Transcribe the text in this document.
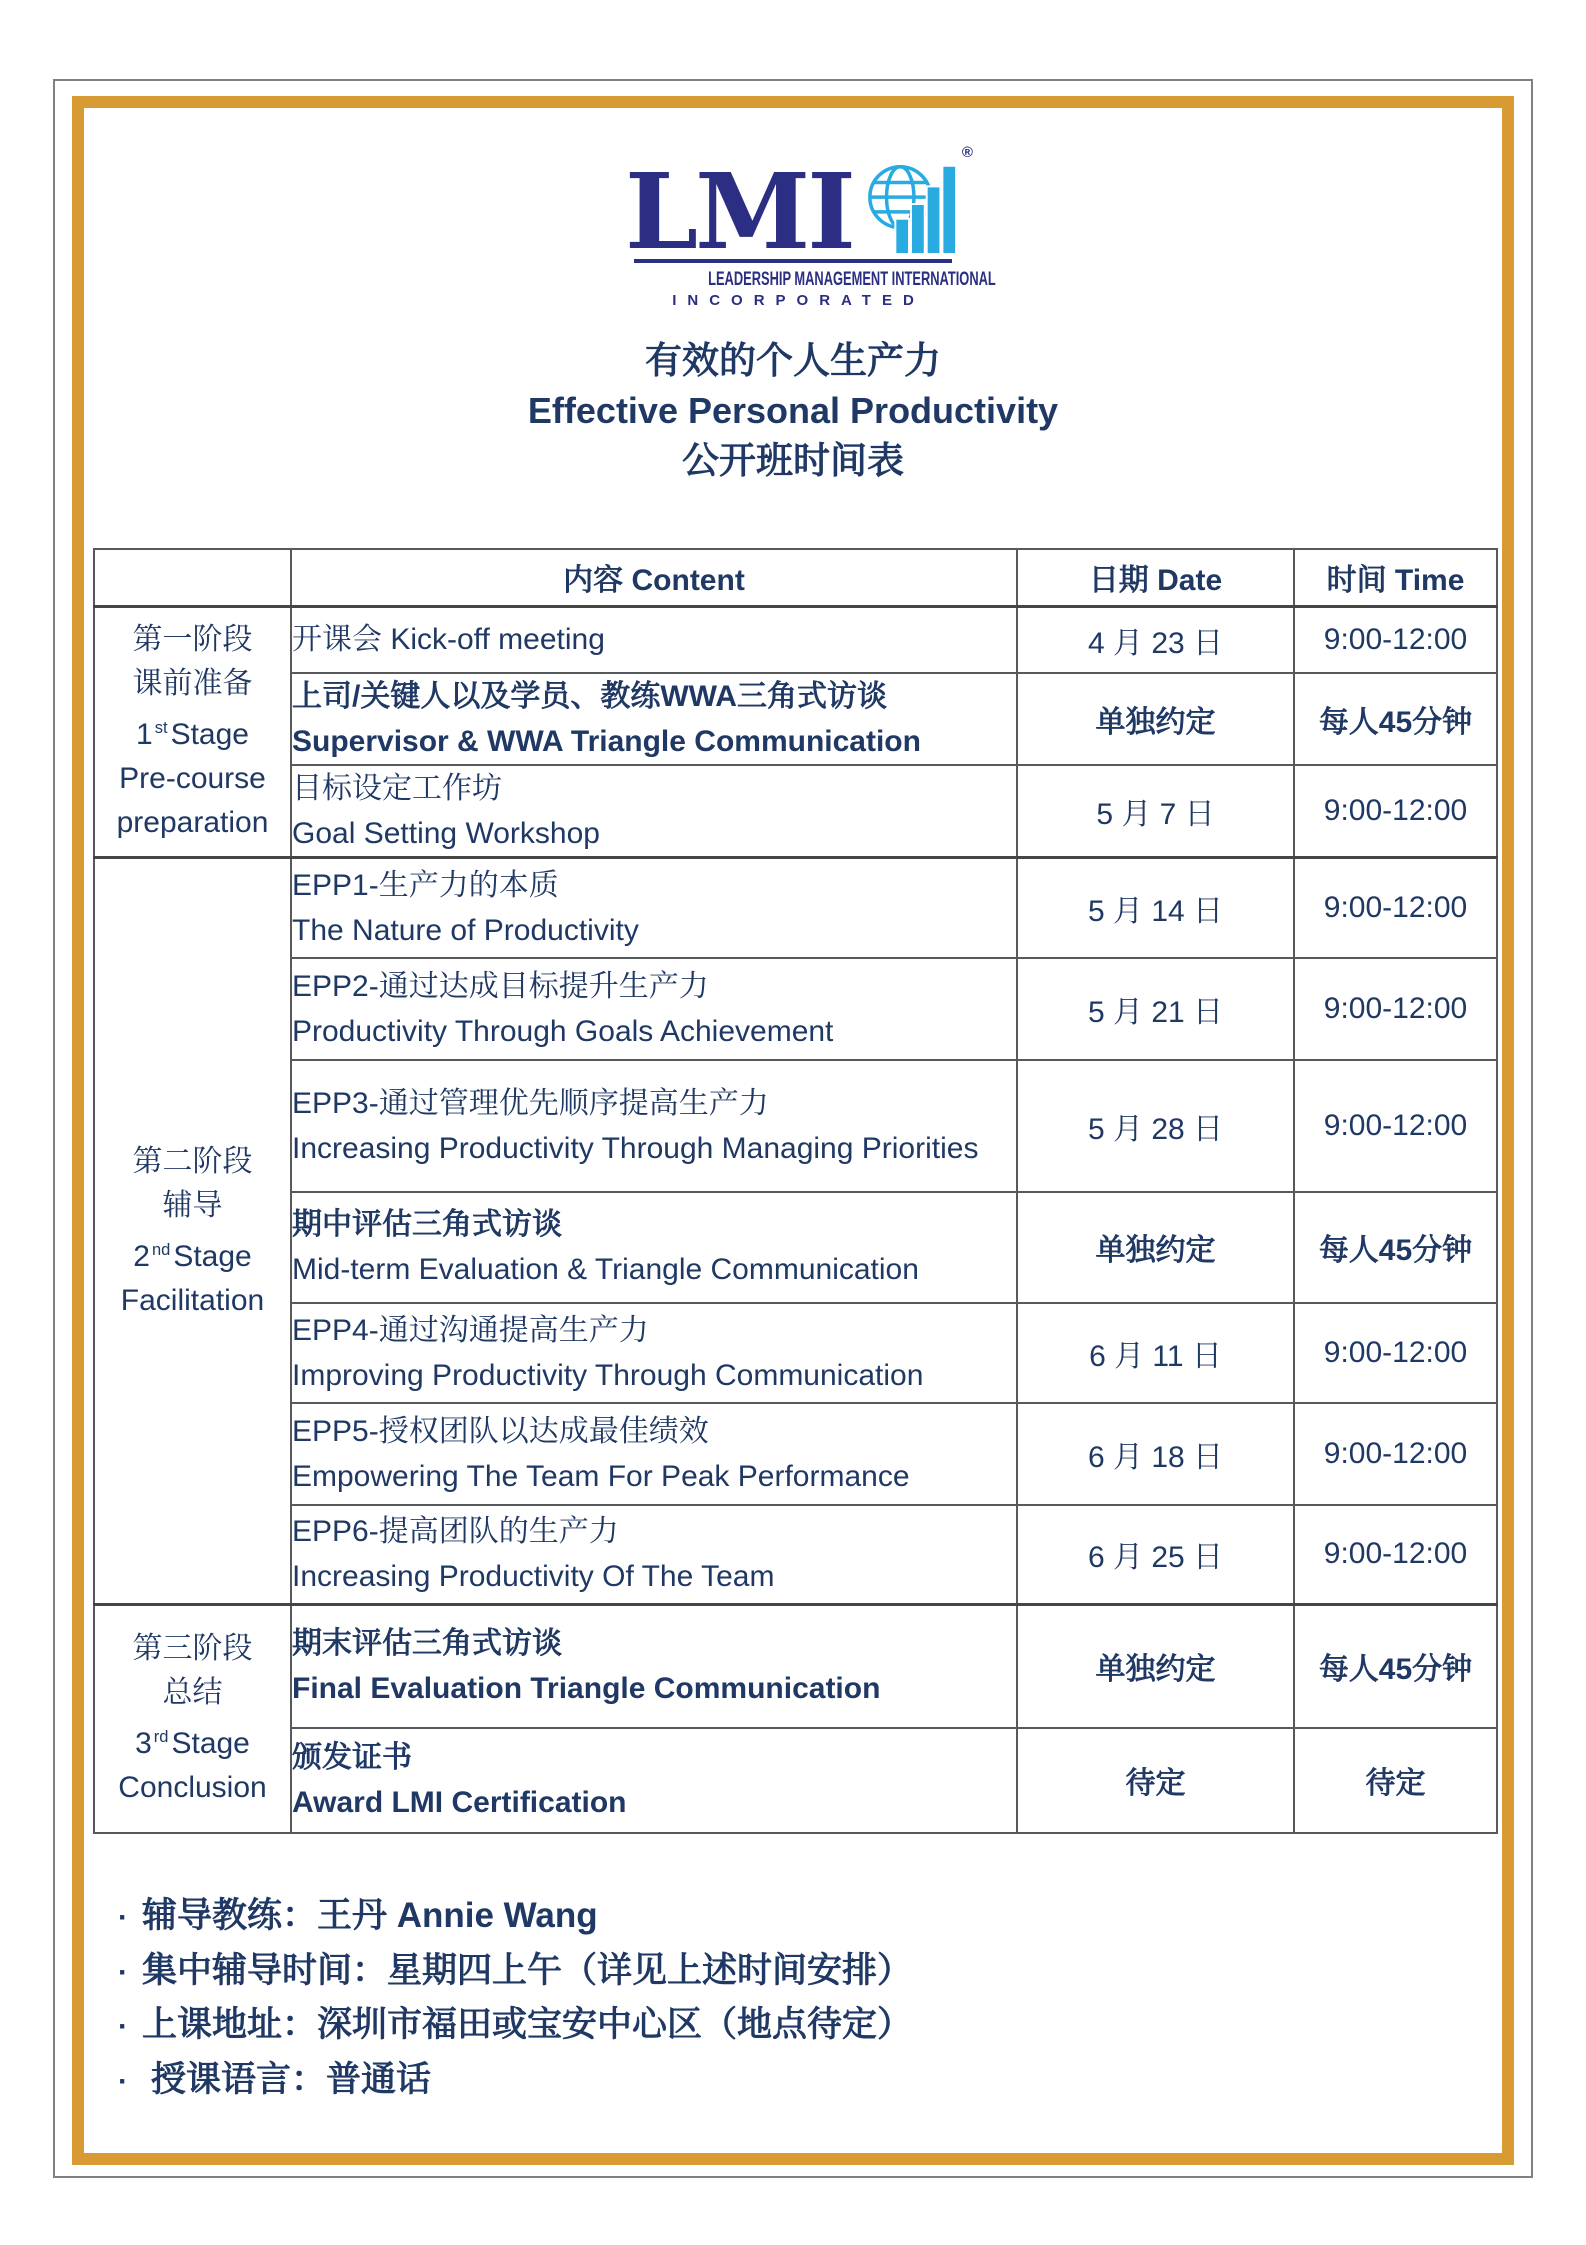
LMI	®
LEADERSHIP MANAGEMENT INTERNATIONAL
INCORPORATED
有效的个人生产力
Effective Personal Productivity
公开班时间表
	内容 Content	日期 Date	时间 Time

第一阶段
课前准备
1 $^{st}$ Stage
Pre-course
preparation	开课会 Kick-off meeting	4 月 23 日	9:00-12:00

	上司/关键人以及学员、教练WWA三角式访谈
Supervisor & WWA Triangle Communication	单独约定	每人45分钟

	目标设定工作坊
Goal Setting Workshop	5 月 7 日	9:00-12:00

第二阶段
辅导
2 $^{nd}$ Stage
Facilitation

EPP1-生产力的本质
The Nature of Productivity
	5 月 14 日	9:00-12:00

	EPP2-通过达成目标提升生产力
Productivity Through Goals Achievement	5 月 21 日	9:00-12:00

	EPP3-通过管理优先顺序提高生产力
Increasing Productivity Through Managing Priorities	5 月 28 日	9:00-12:00

	期中评估三角式访谈
Mid-term Evaluation & Triangle Communication	单独约定	每人45分钟

	EPP4-通过沟通提高生产力
Improving Productivity Through Communication	6 月 11 日	9:00-12:00

	EPP5-授权团队以达成最佳绩效
Empowering The Team For Peak Performance	6 月 18 日	9:00-12:00

	EPP6-提高团队的生产力
Increasing Productivity Of The Team	6 月 25 日	9:00-12:00

第三阶段
总结
3 $^{rd}$ Stage
Conclusion

期末评估三角式访谈
Final Evaluation Triangle Communication
	单独约定	每人45分钟

	颁发证书
Award LMI Certification	待定	待定
· 辅导教练：王丹 Annie Wang
· 集中辅导时间：星期四上午（详见上述时间安排）
· 上课地址：深圳市福田或宝安中心区（地点待定）
· 授课语言：普通话
